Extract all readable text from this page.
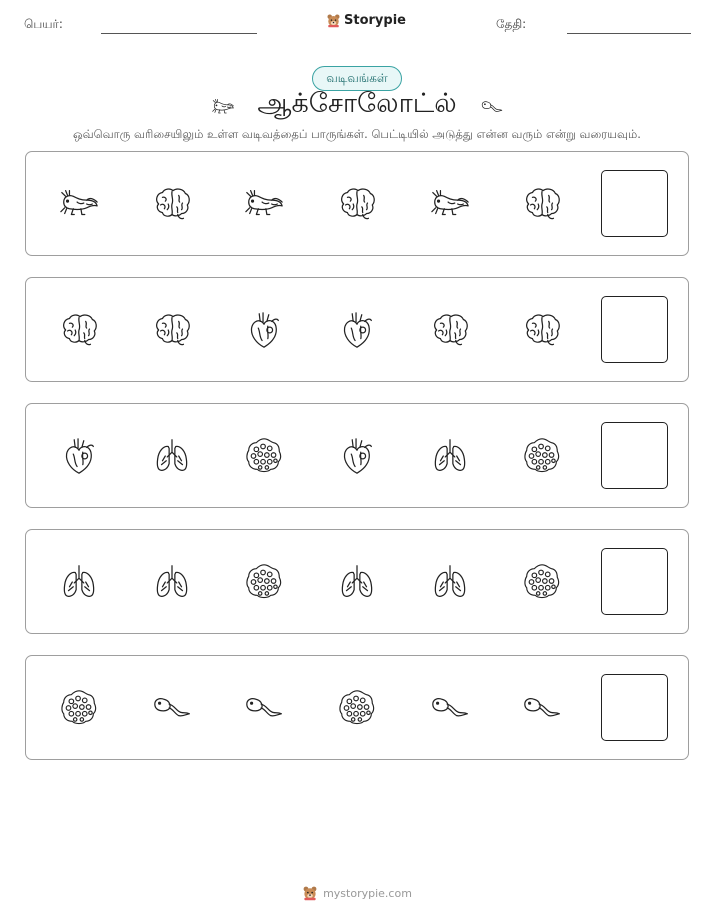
பெயர்:	Storypie	தேதி:
வடிவங்கள்
ஆக்சோலோட்ல்
ஒவ்வொரு வரிசையிலும் உள்ள வடிவத்தைப் பாருங்கள். பெட்டியில் அடுத்து என்ன வரும் என்று வரையவும்.
mystorypie.com
